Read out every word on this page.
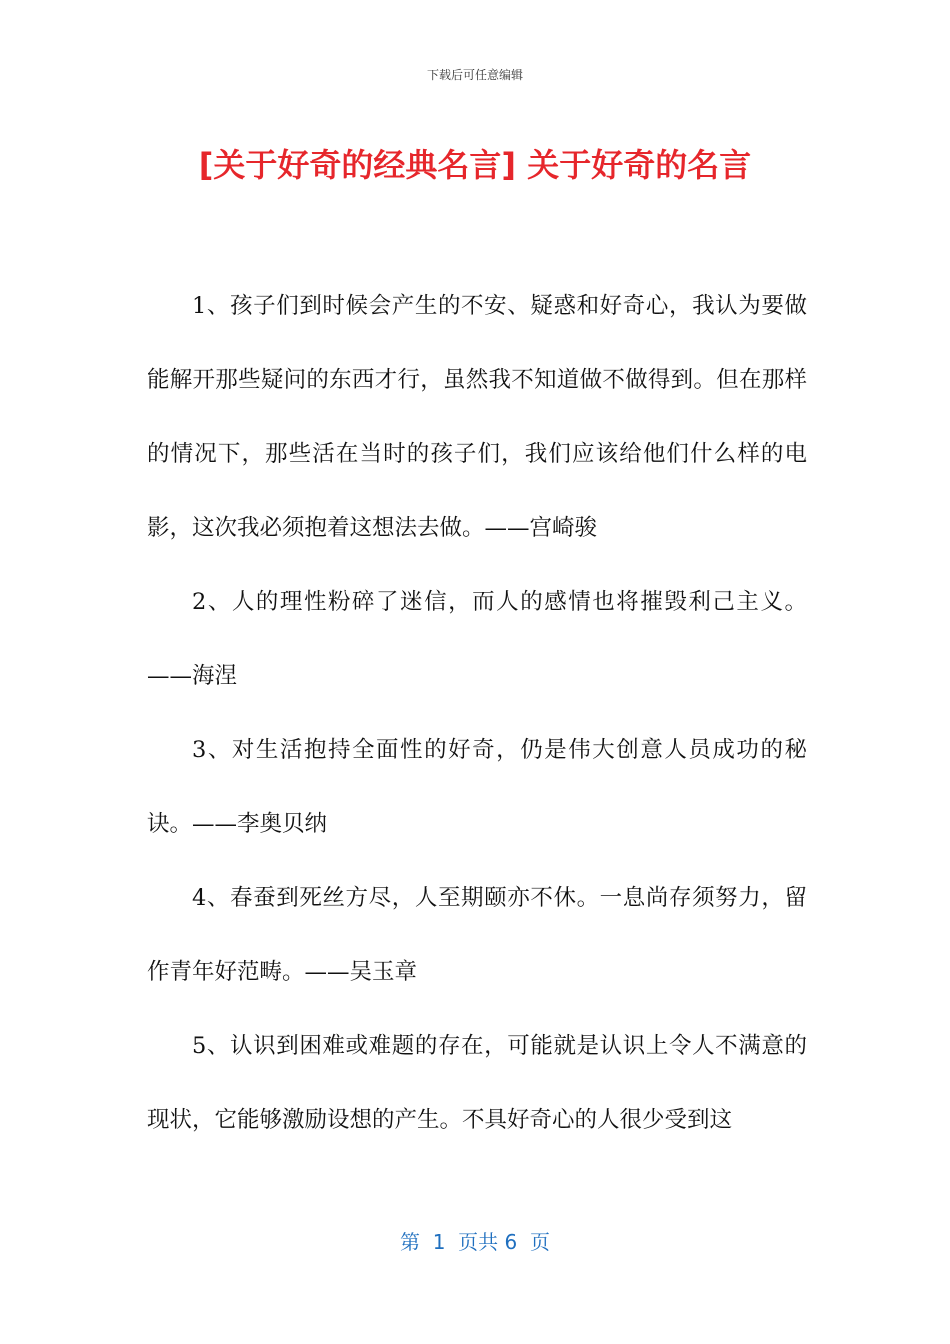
下载后可任意编辑
[关于好奇的经典名言] 关于好奇的名言

1、孩子们到时候会产生的不安、疑惑和好奇心，我认为要做能解开那些疑问的东西才行，虽然我不知道做不做得到。但在那样的情况下，那些活在当时的孩子们，我们应该给他们什么样的电影，这次我必须抱着这想法去做。——宫崎骏

2、人的理性粉碎了迷信，而人的感情也将摧毁利己主义。——海涅

3、对生活抱持全面性的好奇，仍是伟大创意人员成功的秘诀。——李奥贝纳

4、春蚕到死丝方尽，人至期颐亦不休。一息尚存须努力，留作青年好范畴。——吴玉章

5、认识到困难或难题的存在，可能就是认识上令人不满意的现状，它能够激励设想的产生。不具好奇心的人很少受到这

第  1  页共 6  页
